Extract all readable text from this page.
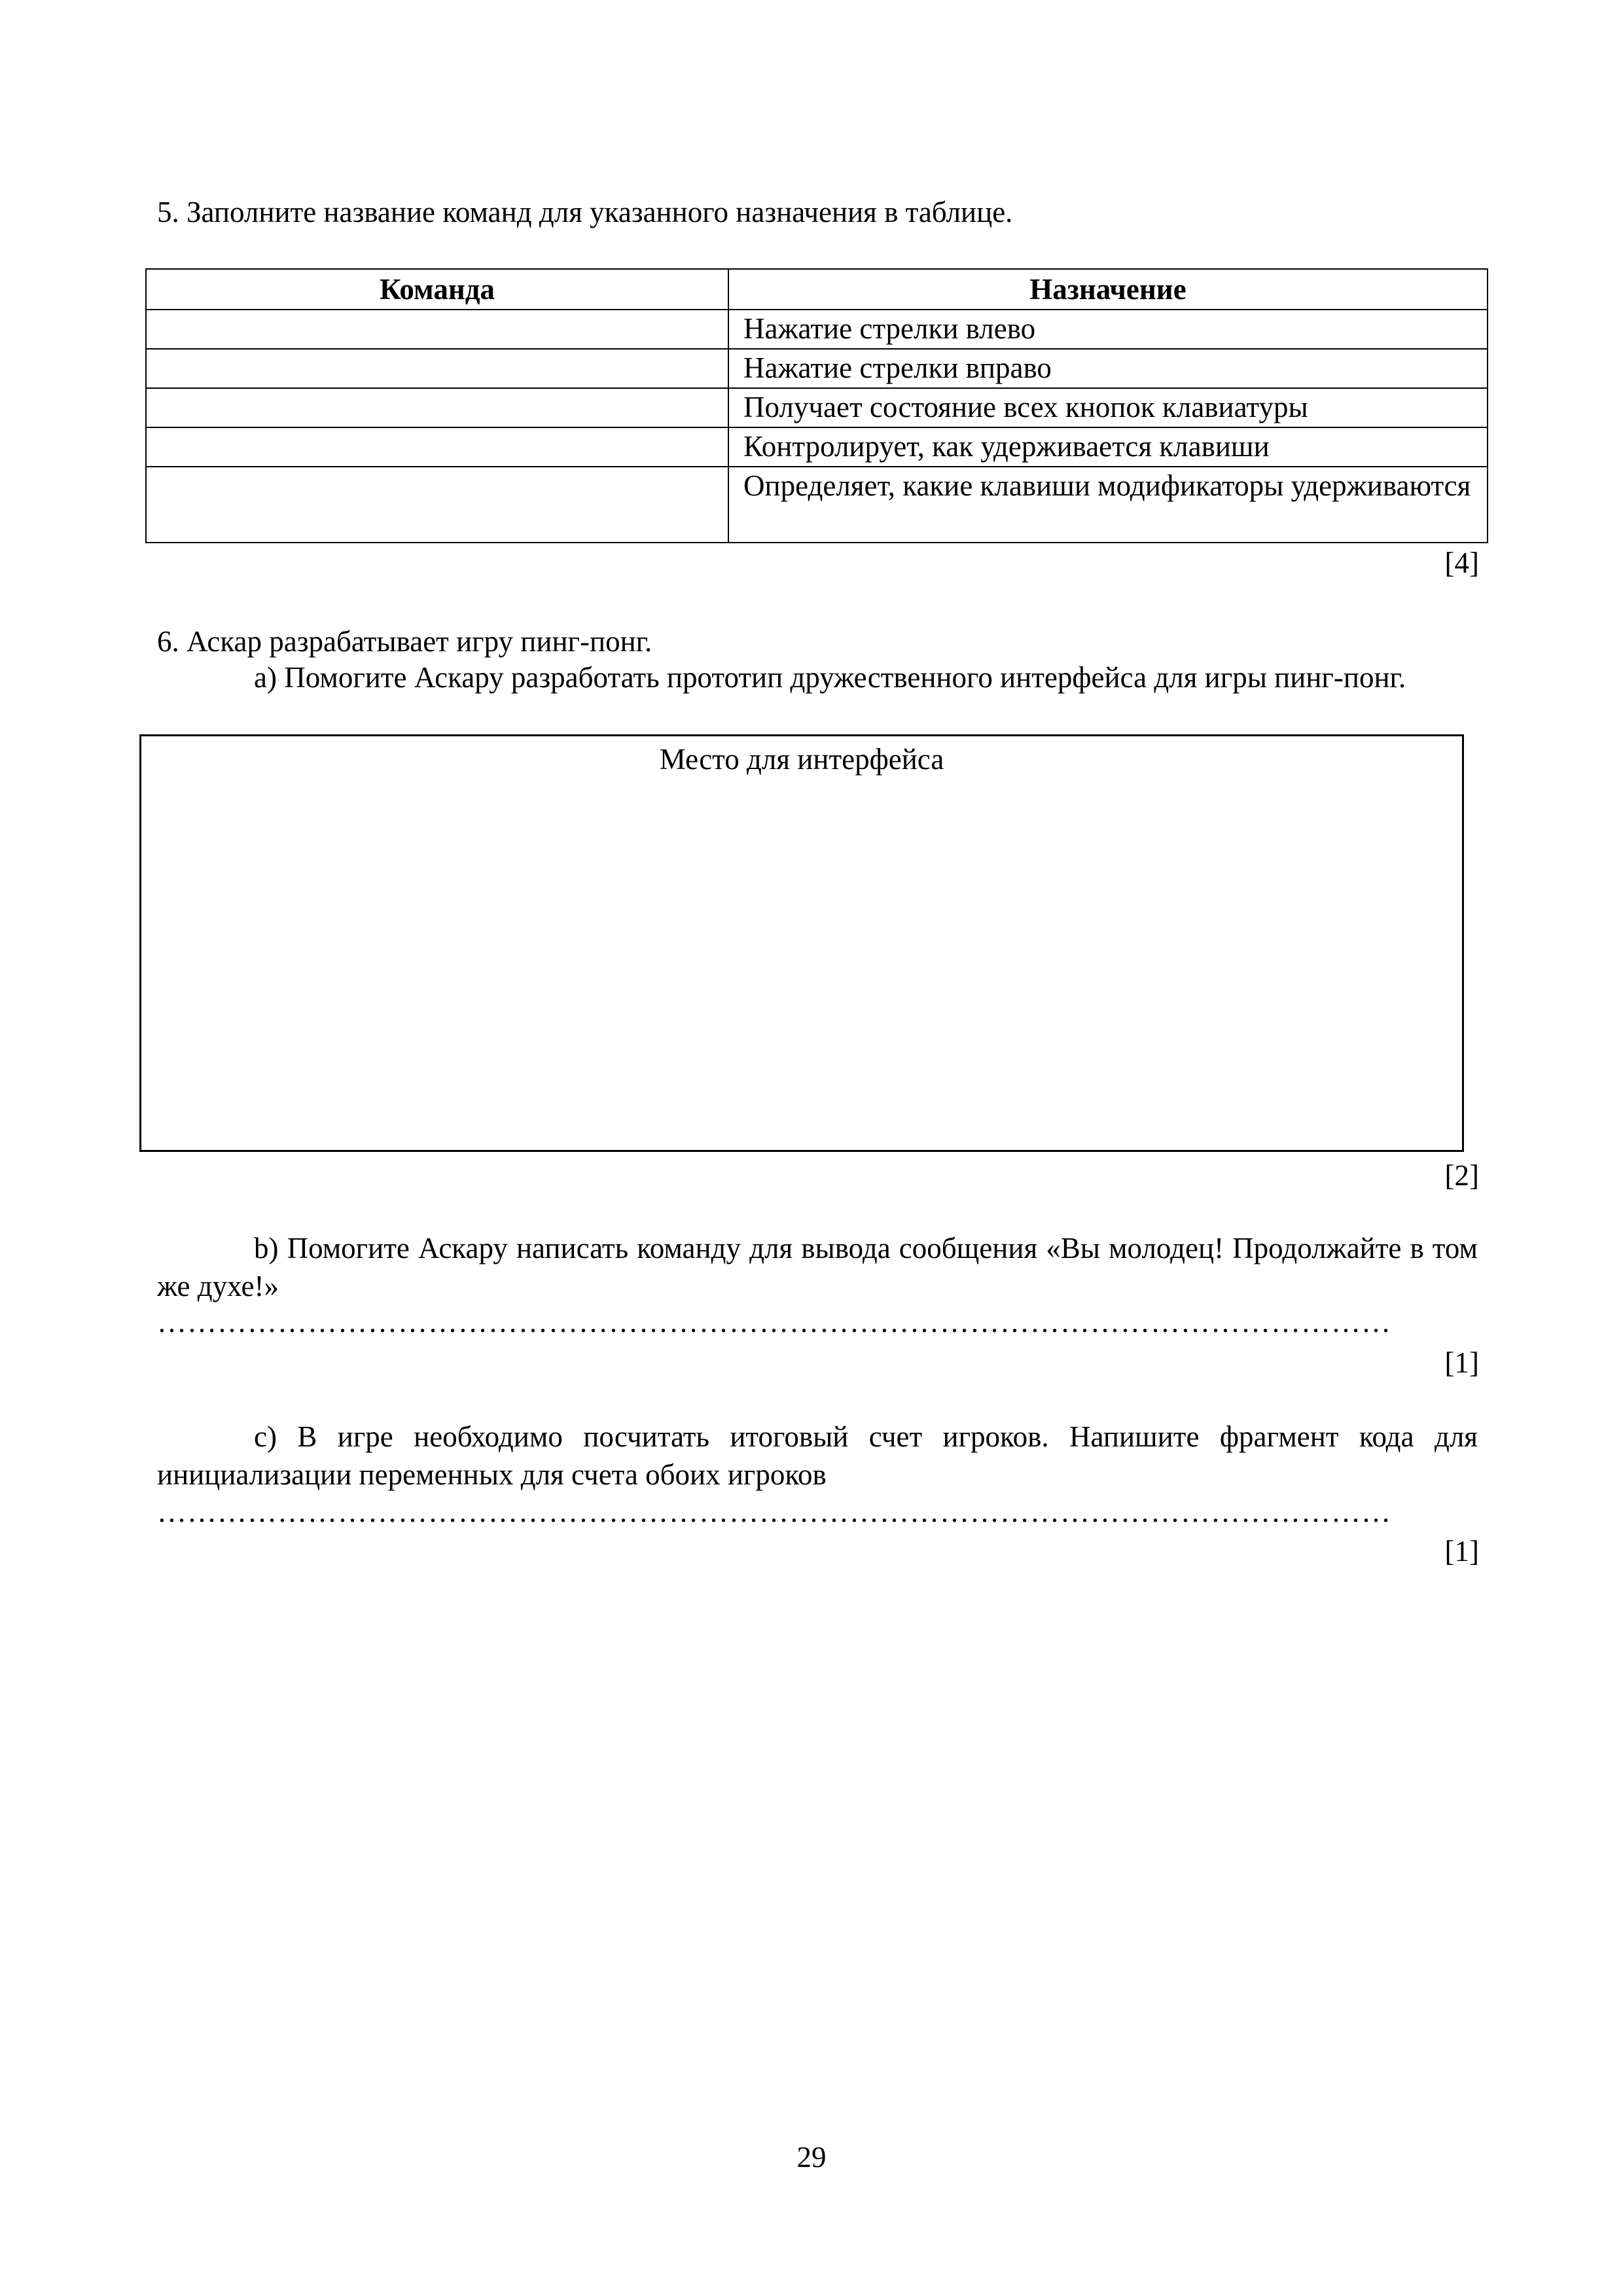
5. Заполните название команд для указанного назначения в таблице.
Команда	Назначение
	Нажатие стрелки влево
	Нажатие стрелки вправо
	Получает состояние всех кнопок клавиатуры
	Контролирует, как удерживается клавиши
	Определяет, какие клавиши модификаторы удерживаются
[4]
6. Аскар разрабатывает игру пинг-понг.
а) Помогите Аскару разработать прототип дружественного интерфейса для игры пинг-понг.
Место для интерфейса
[2]
b) Помогите Аскару написать команду для вывода сообщения «Вы молодец! Продолжайте в том же духе!»
……………………………………………………………………………………………………………
[1]
с) В игре необходимо посчитать итоговый счет игроков. Напишите фрагмент кода для инициализации переменных для счета обоих игроков
……………………………………………………………………………………………………………
[1]
29
